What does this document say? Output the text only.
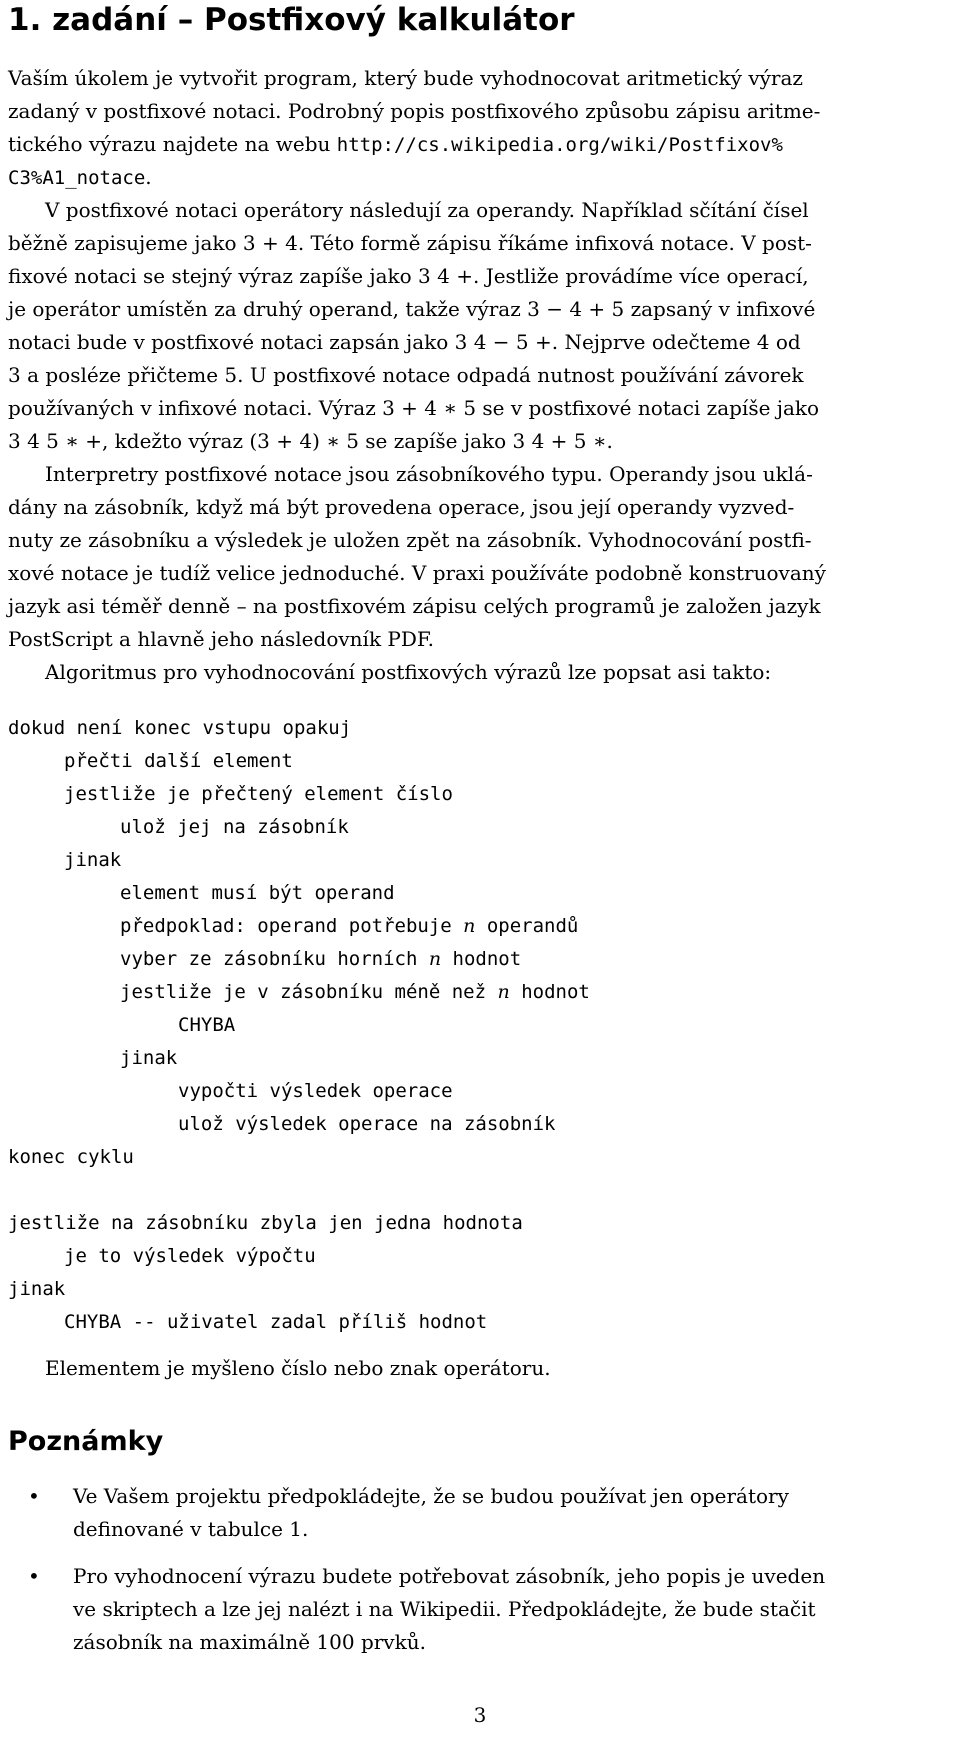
1. zadání – Postfixový kalkulátor
Vaším úkolem je vytvořit program, který bude vyhodnocovat aritmetický výraz
zadaný v postfixové notaci. Podrobný popis postfixového způsobu zápisu aritme-
tického výrazu najdete na webu http://cs.wikipedia.org/wiki/Postfixov%
C3%A1_notace.
V postfixové notaci operátory následují za operandy. Například sčítání čísel
běžně zapisujeme jako 3 + 4. Této formě zápisu říkáme infixová notace. V post-
fixové notaci se stejný výraz zapíše jako 3 4 +. Jestliže provádíme více operací,
je operátor umístěn za druhý operand, takže výraz 3 − 4 + 5 zapsaný v infixové
notaci bude v postfixové notaci zapsán jako 3 4 − 5 +. Nejprve odečteme 4 od
3 a posléze přičteme 5. U postfixové notace odpadá nutnost používání závorek
používaných v infixové notaci. Výraz 3 + 4 ∗ 5 se v postfixové notaci zapíše jako
3 4 5 ∗ +, kdežto výraz (3 + 4) ∗ 5 se zapíše jako 3 4 + 5 ∗.
Interpretry postfixové notace jsou zásobníkového typu. Operandy jsou uklá-
dány na zásobník, když má být provedena operace, jsou její operandy vyzved-
nuty ze zásobníku a výsledek je uložen zpět na zásobník. Vyhodnocování postfi-
xové notace je tudíž velice jednoduché. V praxi používáte podobně konstruovaný
jazyk asi téměř denně – na postfixovém zápisu celých programů je založen jazyk
PostScript a hlavně jeho následovník PDF.
Algoritmus pro vyhodnocování postfixových výrazů lze popsat asi takto:
dokud není konec vstupu opakuj
přečti další element
jestliže je přečtený element číslo
ulož jej na zásobník
jinak
element musí být operand
předpoklad: operand potřebuje n operandů
vyber ze zásobníku horních n hodnot
jestliže je v zásobníku méně než n hodnot
CHYBA
jinak
vypočti výsledek operace
ulož výsledek operace na zásobník
konec cyklu
jestliže na zásobníku zbyla jen jedna hodnota
je to výsledek výpočtu
jinak
CHYBA -- uživatel zadal příliš hodnot
Elementem je myšleno číslo nebo znak operátoru.
Poznámky
• Ve Vašem projektu předpokládejte, že se budou používat jen operátory
definované v tabulce 1.
• Pro vyhodnocení výrazu budete potřebovat zásobník, jeho popis je uveden
ve skriptech a lze jej nalézt i na Wikipedii. Předpokládejte, že bude stačit
zásobník na maximálně 100 prvků.
3
